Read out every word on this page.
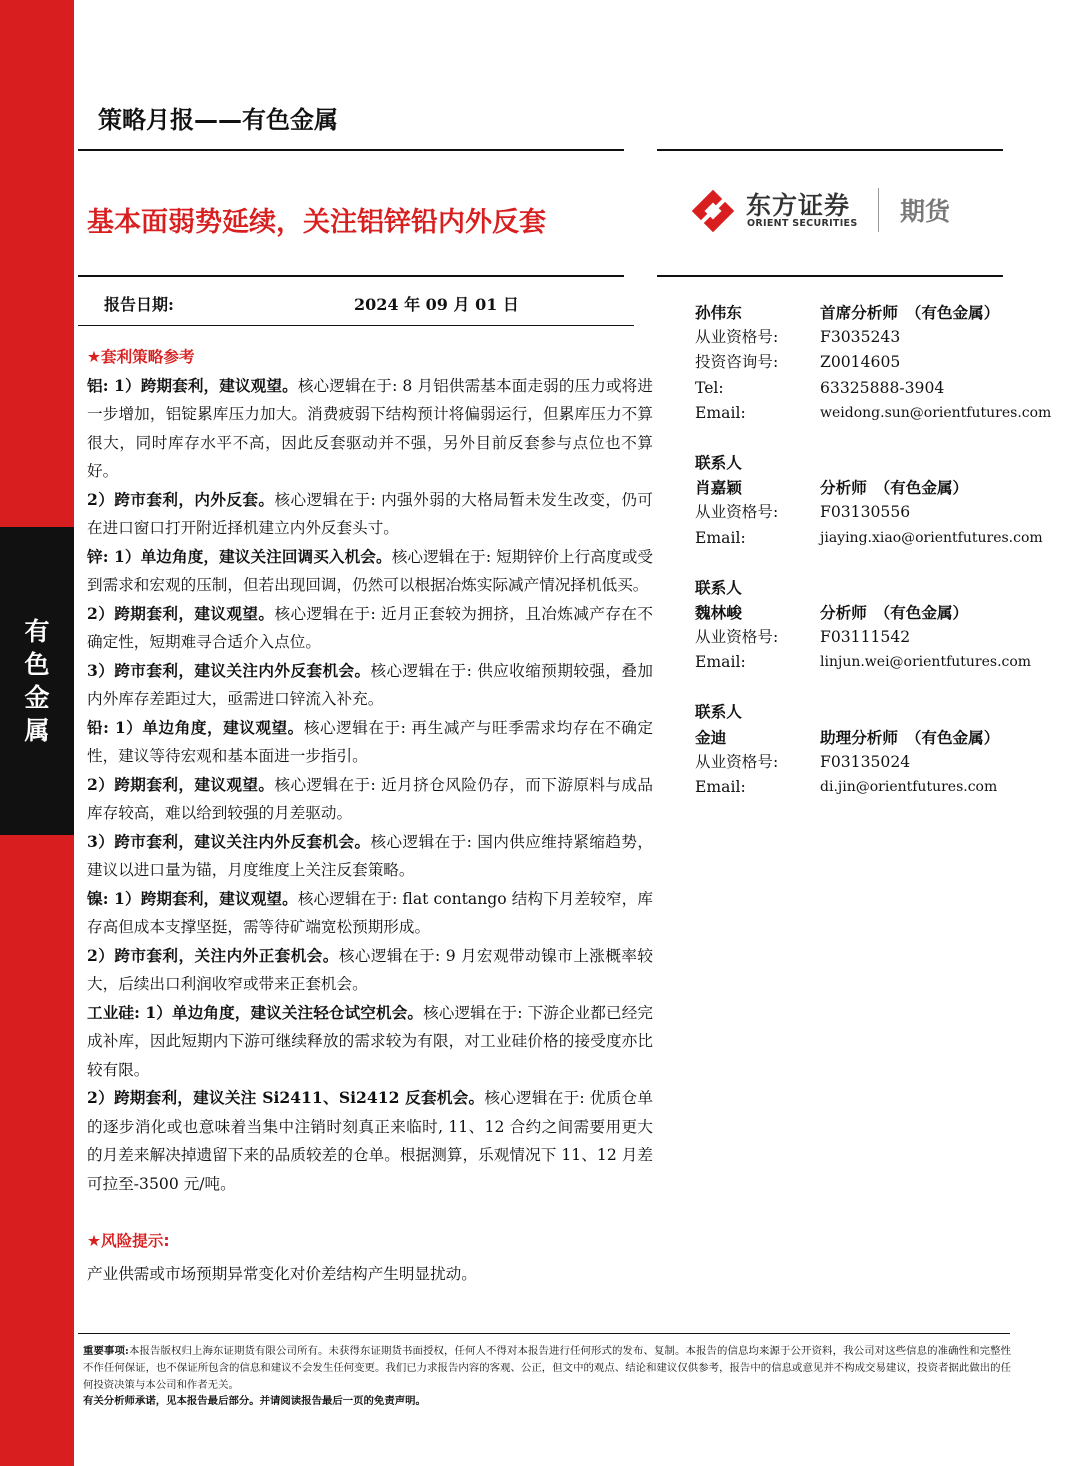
有
色
金
属
策略月报——有色金属
基本面弱势延续，关注铝锌铅内外反套
东方证券
ORIENT SECURITIES 期货
报告日期:	2024 年 09 月 01 日

★套利策略参考

铝: 1）跨期套利，建议观望。核心逻辑在于: 8 月铝供需基本面走弱的压力或将进一步增加，铝锭累库压力加大。消费疲弱下结构预计将偏弱运行，但累库压力不算很大，同时库存水平不高，因此反套驱动并不强，另外目前反套参与点位也不算好。

2）跨市套利，内外反套。核心逻辑在于: 内强外弱的大格局暂未发生改变，仍可在进口窗口打开附近择机建立内外反套头寸。

锌: 1）单边角度，建议关注回调买入机会。核心逻辑在于: 短期锌价上行高度或受到需求和宏观的压制，但若出现回调，仍然可以根据冶炼实际减产情况择机低买。

2）跨期套利，建议观望。核心逻辑在于: 近月正套较为拥挤，且冶炼减产存在不确定性，短期难寻合适介入点位。

3）跨市套利，建议关注内外反套机会。核心逻辑在于: 供应收缩预期较强，叠加内外库存差距过大，亟需进口锌流入补充。

铅: 1）单边角度，建议观望。核心逻辑在于: 再生减产与旺季需求均存在不确定性，建议等待宏观和基本面进一步指引。

2）跨期套利，建议观望。核心逻辑在于: 近月挤仓风险仍存，而下游原料与成品库存较高，难以给到较强的月差驱动。

3）跨市套利，建议关注内外反套机会。核心逻辑在于: 国内供应维持紧缩趋势，建议以进口量为锚，月度维度上关注反套策略。

镍: 1）跨期套利，建议观望。核心逻辑在于: flat contango 结构下月差较窄，库存高但成本支撑坚挺，需等待矿端宽松预期形成。

2）跨市套利，关注内外正套机会。核心逻辑在于: 9 月宏观带动镍市上涨概率较大，后续出口利润收窄或带来正套机会。

工业硅: 1）单边角度，建议关注轻仓试空机会。核心逻辑在于: 下游企业都已经完成补库，因此短期内下游可继续释放的需求较为有限，对工业硅价格的接受度亦比较有限。

2）跨期套利，建议关注 Si2411、Si2412 反套机会。核心逻辑在于: 优质仓单的逐步消化或也意味着当集中注销时刻真正来临时, 11、12 合约之间需要用更大的月差来解决掉遗留下来的品质较差的仓单。根据测算，乐观情况下 11、12 月差可拉至-3500 元/吨。

★风险提示:
产业供需或市场预期异常变化对价差结构产生明显扰动。
孙伟东	首席分析师　（有色金属）
从业资格号:	F3035243
投资咨询号:	Z0014605
Tel:	63325888-3904
Email:	weidong.sun@orientfutures.com
联系人
肖嘉颖	分析师　（有色金属）
从业资格号:	F03130556
Email:	jiaying.xiao@orientfutures.com
联系人
魏林峻	分析师　（有色金属）
从业资格号:	F03111542
Email:	linjun.wei@orientfutures.com
联系人
金迪	助理分析师　（有色金属）
从业资格号:	F03135024
Email:	di.jin@orientfutures.com
重要事项:本报告版权归上海东证期货有限公司所有。未获得东证期货书面授权，任何人不得对本报告进行任何形式的发布、复制。本报告的信息均来源于公开资料，我公司对这些信息的准确性和完整性不作任何保证，也不保证所包含的信息和建议不会发生任何变更。我们已力求报告内容的客观、公正，但文中的观点、结论和建议仅供参考，报告中的信息或意见并不构成交易建议，投资者据此做出的任何投资决策与本公司和作者无关。
有关分析师承诺，见本报告最后部分。并请阅读报告最后一页的免责声明。
